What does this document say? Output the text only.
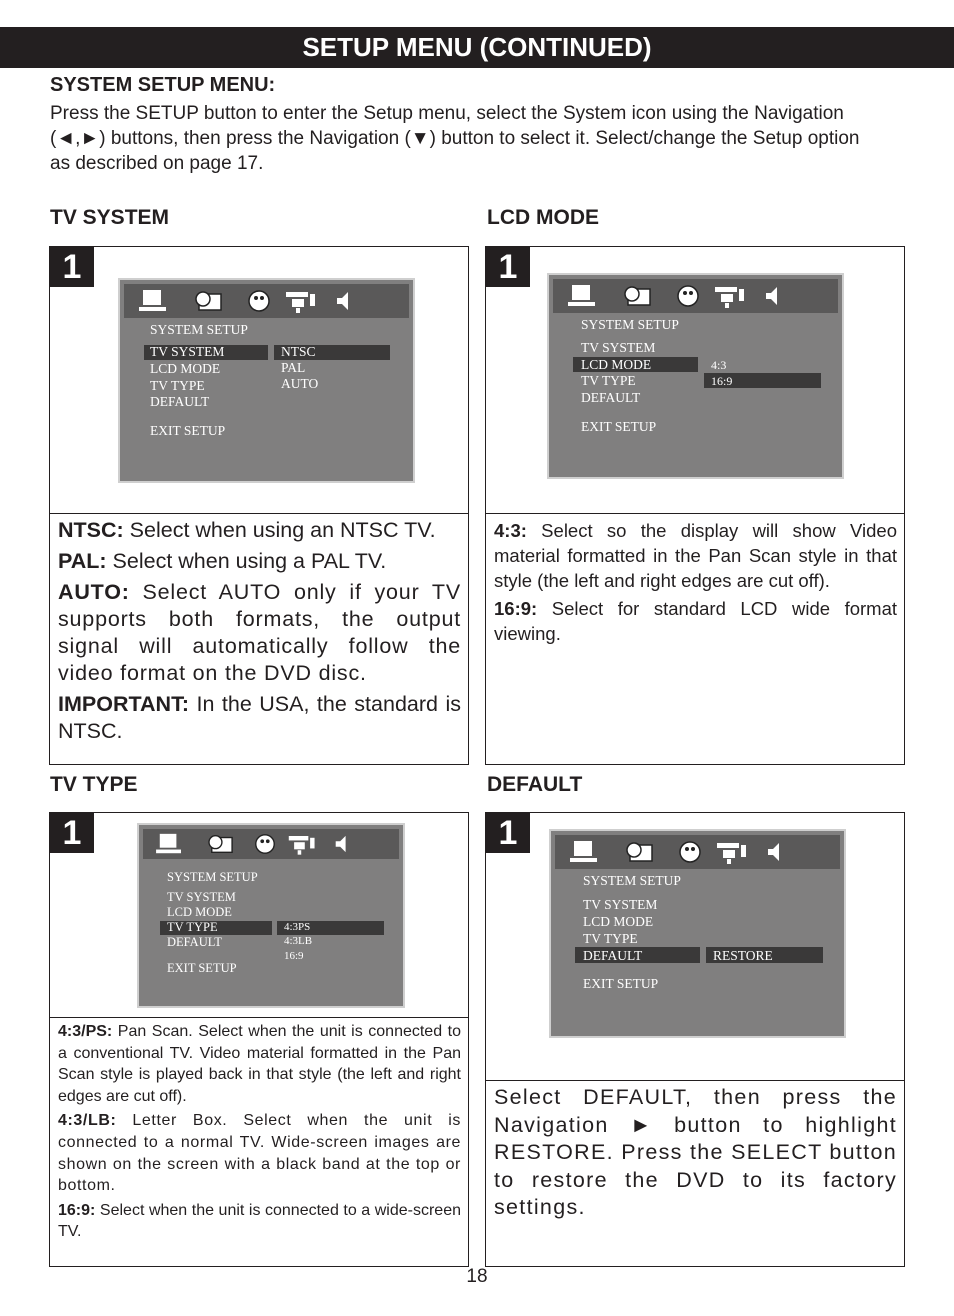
SETUP MENU (CONTINUED)
SYSTEM SETUP MENU:
Press the SETUP button to enter the Setup menu, select the System icon using the Navigation
(◄,►) buttons, then press the Navigation (▼) button to select it. Select/change the Setup option
as described on page 17.
TV SYSTEM	LCD MODE
TV TYPE	DEFAULT
1
SYSTEM SETUP
TV SYSTEM
LCD MODE
TV TYPE
DEFAULT
EXIT SETUP
NTSC
PAL
AUTO

NTSC: Select when using an NTSC TV.

PAL: Select when using a PAL TV.

AUTO: Select AUTO only if your TV supports both formats, the output signal will automatically follow the video format on the DVD disc.

IMPORTANT: In the USA, the standard is NTSC.

1
SYSTEM SETUP
TV SYSTEM
LCD MODE
TV TYPE
DEFAULT
EXIT SETUP
4:3
16:9

4:3: Select so the display will show Video material formatted in the Pan Scan style in that style (the left and right edges are cut off).

16:9: Select for standard LCD wide format viewing.

1
SYSTEM SETUP
TV SYSTEM
LCD MODE
TV TYPE
DEFAULT
EXIT SETUP
4:3PS
4:3LB
16:9

4:3/PS: Pan Scan. Select when the unit is connected to a conventional TV. Video material formatted in the Pan Scan style is played back in that style (the left and right edges are cut off).

4:3/LB: Letter Box. Select when the unit is connected to a normal TV. Wide-screen images are shown on the screen with a black band at the top or bottom.

16:9: Select when the unit is connected to a wide-screen TV.

1
SYSTEM SETUP
TV SYSTEM
LCD MODE
TV TYPE
DEFAULT
EXIT SETUP
RESTORE

Select DEFAULT, then press the Navigation ► button to highlight RESTORE. Press the SELECT button to restore the DVD to its factory settings.

18
